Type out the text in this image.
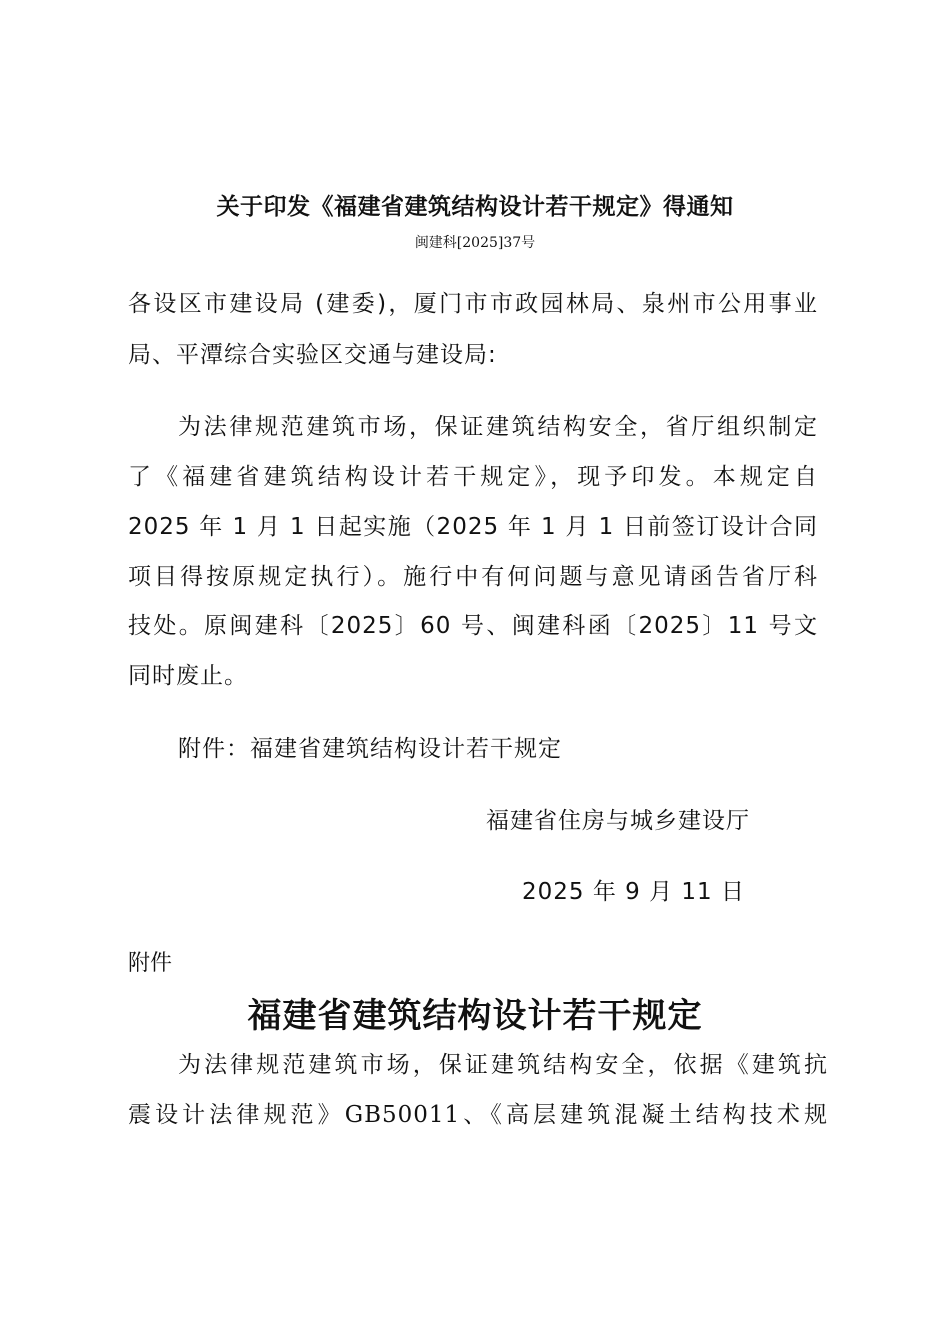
关于印发《福建省建筑结构设计若干规定》得通知
闽建科[2025]37号

各设区市建设局 (建委)，厦门市市政园林局、泉州市公用事业

局、平潭综合实验区交通与建设局:

为法律规范建筑市场，保证建筑结构安全，省厅组织制定

了《福建省建筑结构设计若干规定》，现予印发。本规定自

2025 年 1 月 1 日起实施（2025 年 1 月 1 日前签订设计合同

项目得按原规定执行）。施行中有何问题与意见请函告省厅科

技处。原闽建科〔2025〕60 号、闽建科函〔2025〕11 号文

同时废止。

附件：福建省建筑结构设计若干规定

福建省住房与城乡建设厅

2025 年 9 月 11 日

附件
福建省建筑结构设计若干规定

为法律规范建筑市场，保证建筑结构安全，依据《建筑抗

震设计法律规范》GB50011、《高层建筑混凝土结构技术规
